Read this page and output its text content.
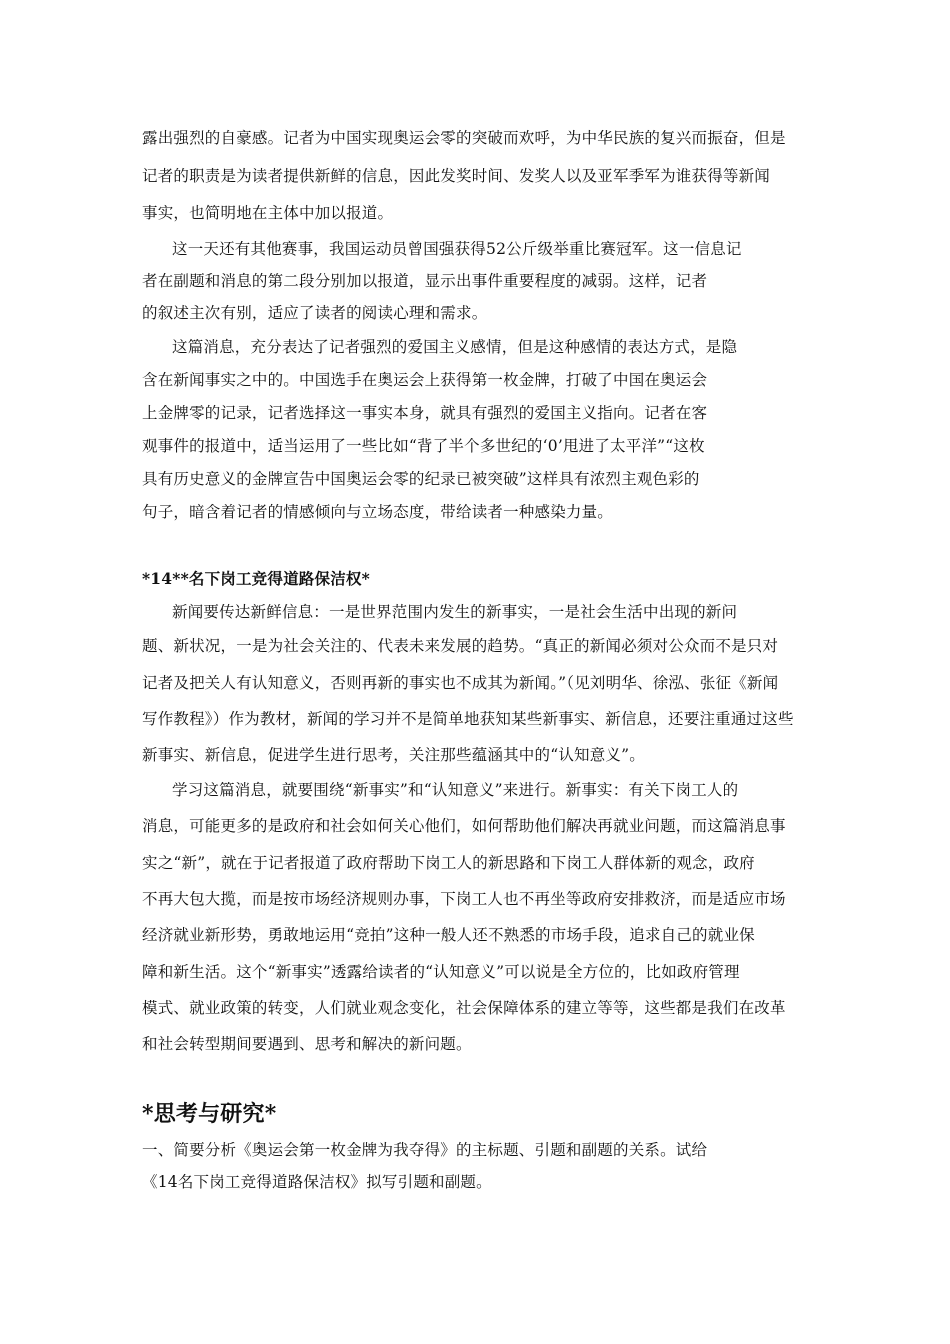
露出强烈的自豪感。记者为中国实现奥运会零的突破而欢呼，为中华民族的复兴而振奋，但是
记者的职责是为读者提供新鲜的信息，因此发奖时间、发奖人以及亚军季军为谁获得等新闻
事实，也简明地在主体中加以报道。
这一天还有其他赛事，我国运动员曾国强获得52公斤级举重比赛冠军。这一信息记
者在副题和消息的第二段分别加以报道，显示出事件重要程度的减弱。这样，记者
的叙述主次有别，适应了读者的阅读心理和需求。
这篇消息，充分表达了记者强烈的爱国主义感情，但是这种感情的表达方式，是隐
含在新闻事实之中的。中国选手在奥运会上获得第一枚金牌，打破了中国在奥运会
上金牌零的记录，记者选择这一事实本身，就具有强烈的爱国主义指向。记者在客
观事件的报道中，适当运用了一些比如“背了半个多世纪的‘0’甩进了太平洋”“这枚
具有历史意义的金牌宣告中国奥运会零的纪录已被突破”这样具有浓烈主观色彩的
句子，暗含着记者的情感倾向与立场态度，带给读者一种感染力量。
*14**名下岗工竞得道路保洁权*
新闻要传达新鲜信息：一是世界范围内发生的新事实，一是社会生活中出现的新问
题、新状况，一是为社会关注的、代表未来发展的趋势。“真正的新闻必须对公众而不是只对
记者及把关人有认知意义，否则再新的事实也不成其为新闻。”（见刘明华、徐泓、张征《新闻
写作教程》）作为教材，新闻的学习并不是简单地获知某些新事实、新信息，还要注重通过这些
新事实、新信息，促进学生进行思考，关注那些蕴涵其中的“认知意义”。
学习这篇消息，就要围绕“新事实”和“认知意义”来进行。新事实：有关下岗工人的
消息，可能更多的是政府和社会如何关心他们，如何帮助他们解决再就业问题，而这篇消息事
实之“新”，就在于记者报道了政府帮助下岗工人的新思路和下岗工人群体新的观念，政府
不再大包大揽，而是按市场经济规则办事，下岗工人也不再坐等政府安排救济，而是适应市场
经济就业新形势，勇敢地运用“竞拍”这种一般人还不熟悉的市场手段，追求自己的就业保
障和新生活。这个“新事实”透露给读者的“认知意义”可以说是全方位的，比如政府管理
模式、就业政策的转变，人们就业观念变化，社会保障体系的建立等等，这些都是我们在改革
和社会转型期间要遇到、思考和解决的新问题。
*思考与研究*
一、简要分析《奥运会第一枚金牌为我夺得》的主标题、引题和副题的关系。试给
《14名下岗工竞得道路保洁权》拟写引题和副题。
